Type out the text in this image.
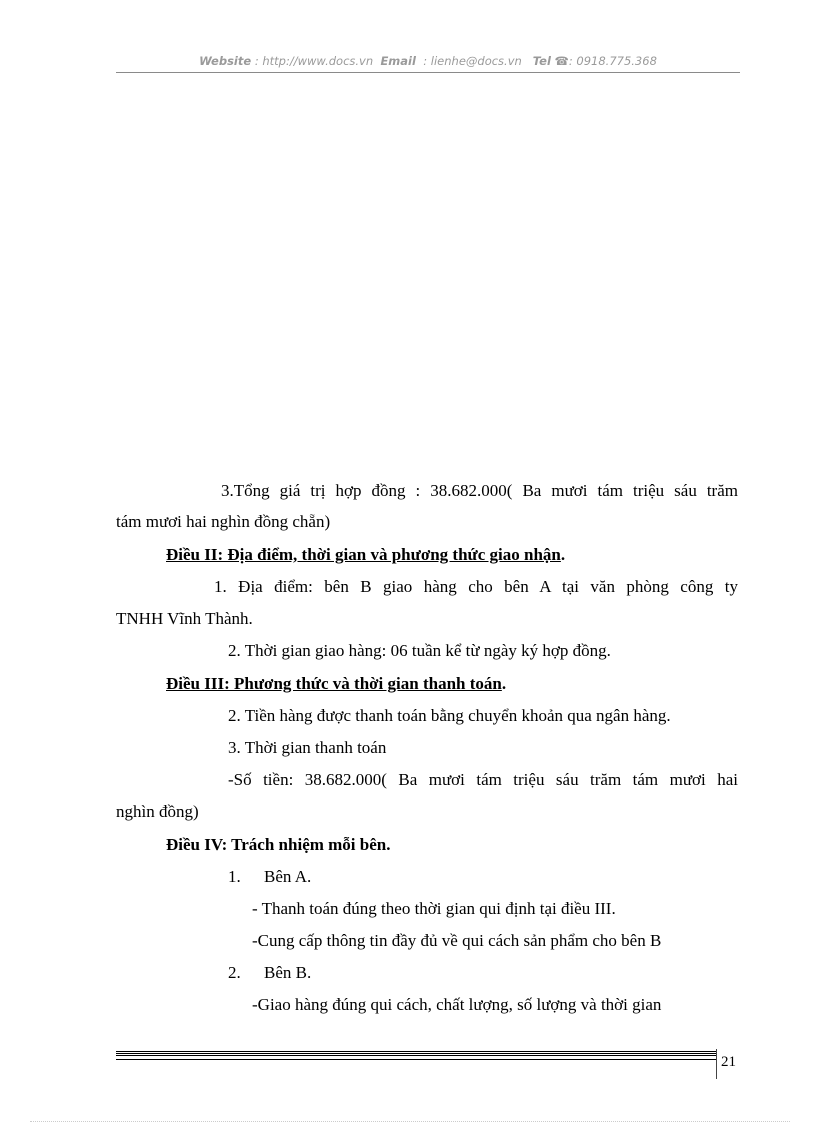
Website : http://www.docs.vn Email : lienhe@docs.vn Tel ☎: 0918.775.368
3.Tổng giá trị hợp đồng : 38.682.000( Ba mươi tám triệu sáu trăm
tám mươi hai nghìn đồng chẵn)
Điều II: Địa điểm, thời gian và phương thức giao nhận.
1. Địa điểm: bên B giao hàng cho bên A tại văn phòng công ty
TNHH Vĩnh Thành.
2. Thời gian giao hàng: 06 tuần kể từ ngày ký hợp đồng.
Điều III: Phương thức và thời gian thanh toán.
2. Tiền hàng được thanh toán bằng chuyển khoản qua ngân hàng.
3. Thời gian thanh toán
-Số tiền: 38.682.000( Ba mươi tám triệu sáu trăm tám mươi hai
nghìn đồng)
Điều IV: Trách nhiệm mỗi bên.
1. Bên A.
- Thanh toán đúng theo thời gian qui định tại điều III.
-Cung cấp thông tin đầy đủ về qui cách sản phẩm cho bên B
2. Bên B.
-Giao hàng đúng qui cách, chất lượng, số lượng và thời gian
21
